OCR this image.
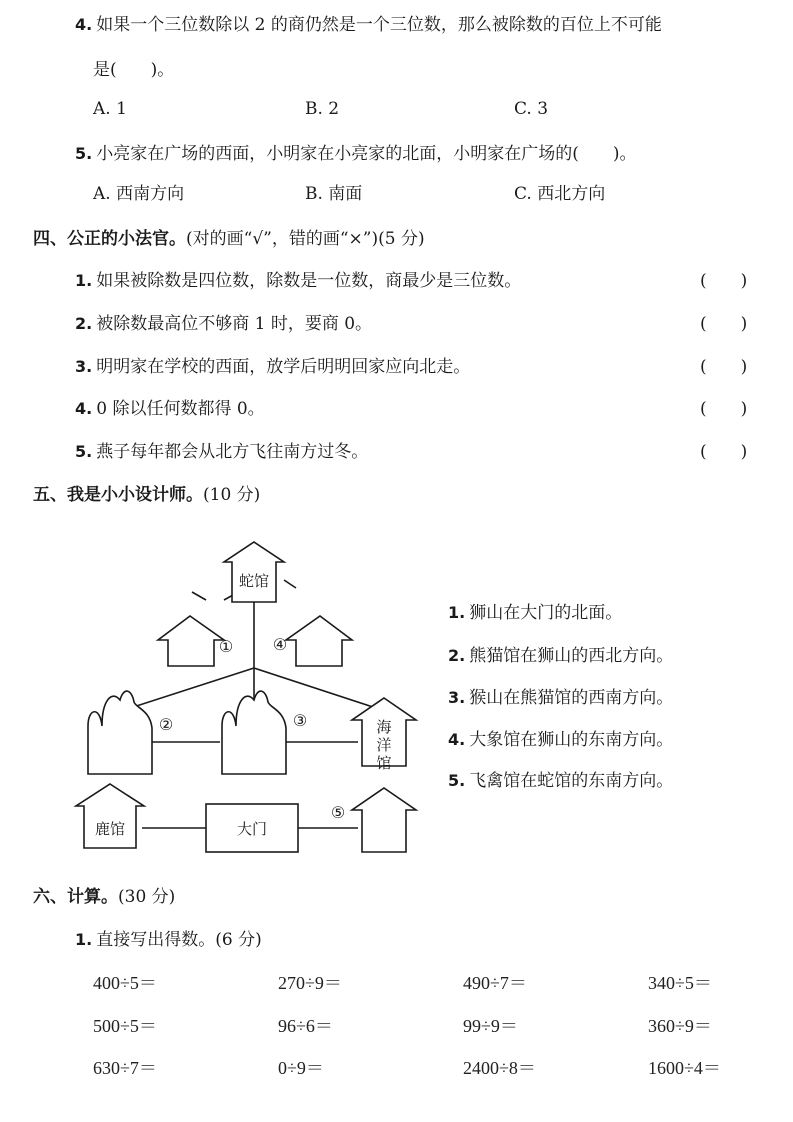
4. 如果一个三位数除以 2 的商仍然是一个三位数，那么被除数的百位上不可能
是(　　)。
A. 1	B. 2	C. 3
5. 小亮家在广场的西面，小明家在小亮家的北面，小明家在广场的(　　)。
A. 西南方向	B. 南面	C. 西北方向
四、公正的小法官。(对的画“√”，错的画“×”)(5 分)
1. 如果被除数是四位数，除数是一位数，商最少是三位数。	(　　)
2. 被除数最高位不够商 1 时，要商 0。	(　　)
3. 明明家在学校的西面，放学后明明回家应向北走。	(　　)
4. 0 除以任何数都得 0。	(　　)
5. 燕子每年都会从北方飞往南方过冬。	(　　)
五、我是小小设计师。(10 分)
蛇馆
海
洋
馆
鹿馆	大门
① ④
②	③
⑤
1. 狮山在大门的北面。
2. 熊猫馆在狮山的西北方向。
3. 猴山在熊猫馆的西南方向。
4. 大象馆在狮山的东南方向。
5. 飞禽馆在蛇馆的东南方向。
六、计算。(30 分)
1. 直接写出得数。(6 分)
400÷5＝	270÷9＝	490÷7＝	340÷5＝
500÷5＝	96÷6＝	99÷9＝	360÷9＝
630÷7＝	0÷9＝	2400÷8＝	1600÷4＝
